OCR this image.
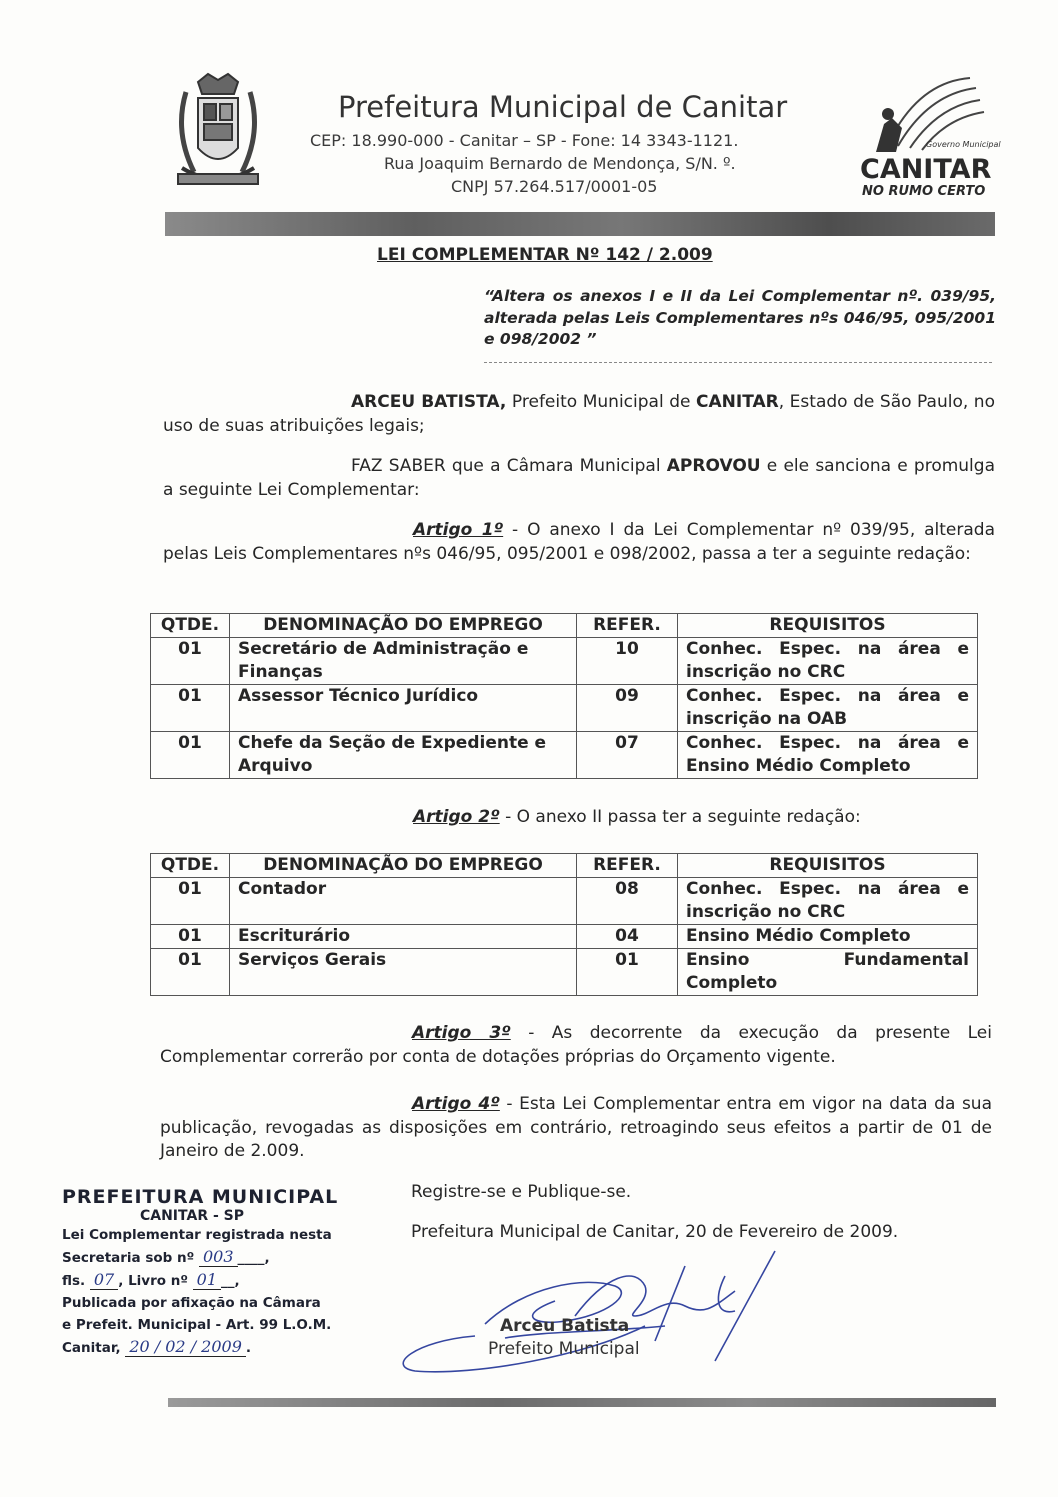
Prefeitura Municipal de Canitar
CEP: 18.990-000 - Canitar – SP - Fone: 14 3343-1121.
Rua Joaquim Bernardo de Mendonça, S/N. º.
CNPJ 57.264.517/0001-05
Governo Municipal
CANITAR
NO RUMO CERTO
LEI COMPLEMENTAR Nº 142 / 2.009
“Altera os anexos I e II da Lei Complementar nº. 039/95, alterada pelas Leis Complementares nºs 046/95, 095/2001 e 098/2002 ”
ARCEU BATISTA, Prefeito Municipal de CANITAR, Estado de São Paulo, no uso de suas atribuições legais;
FAZ SABER que a Câmara Municipal APROVOU e ele sanciona e promulga a seguinte Lei Complementar:
Artigo 1º - O anexo I da Lei Complementar nº 039/95, alterada pelas Leis Complementares nºs 046/95, 095/2001 e 098/2002, passa a ter a seguinte redação:
QTDE.	DENOMINAÇÃO DO EMPREGO	REFER.	REQUISITOS
01	Secretário de Administração e Finanças	10	Conhec. Espec. na área e inscrição no CRC
01	Assessor Técnico Jurídico	09	Conhec. Espec. na área e inscrição na OAB
01	Chefe da Seção de Expediente e Arquivo	07	Conhec. Espec. na área e Ensino Médio Completo
Artigo 2º - O anexo II passa ter a seguinte redação:
QTDE.	DENOMINAÇÃO DO EMPREGO	REFER.	REQUISITOS
01	Contador	08	Conhec. Espec. na área e inscrição no CRC
01	Escriturário	04	Ensino Médio Completo
01	Serviços Gerais	01	Ensino Fundamental Completo
Artigo 3º - As decorrente da execução da presente Lei Complementar correrão por conta de dotações próprias do Orçamento vigente.
Artigo 4º - Esta Lei Complementar entra em vigor na data da sua publicação, revogadas as disposições em contrário, retroagindo seus efeitos a partir de 01 de Janeiro de 2.009.
Registre-se e Publique-se.
Prefeitura Municipal de Canitar, 20 de Fevereiro de 2009.
Arceu Batista
Prefeito Municipal
PREFEITURA MUNICIPAL
CANITAR - SP
Lei Complementar registrada nesta
Secretaria sob nº 003 ____,
fls. 07 , Livro nº 01 __,
Publicada por afixação na Câmara
e Prefeit. Municipal - Art. 99 L.O.M.
Canitar, 20 / 02 / 2009 .
